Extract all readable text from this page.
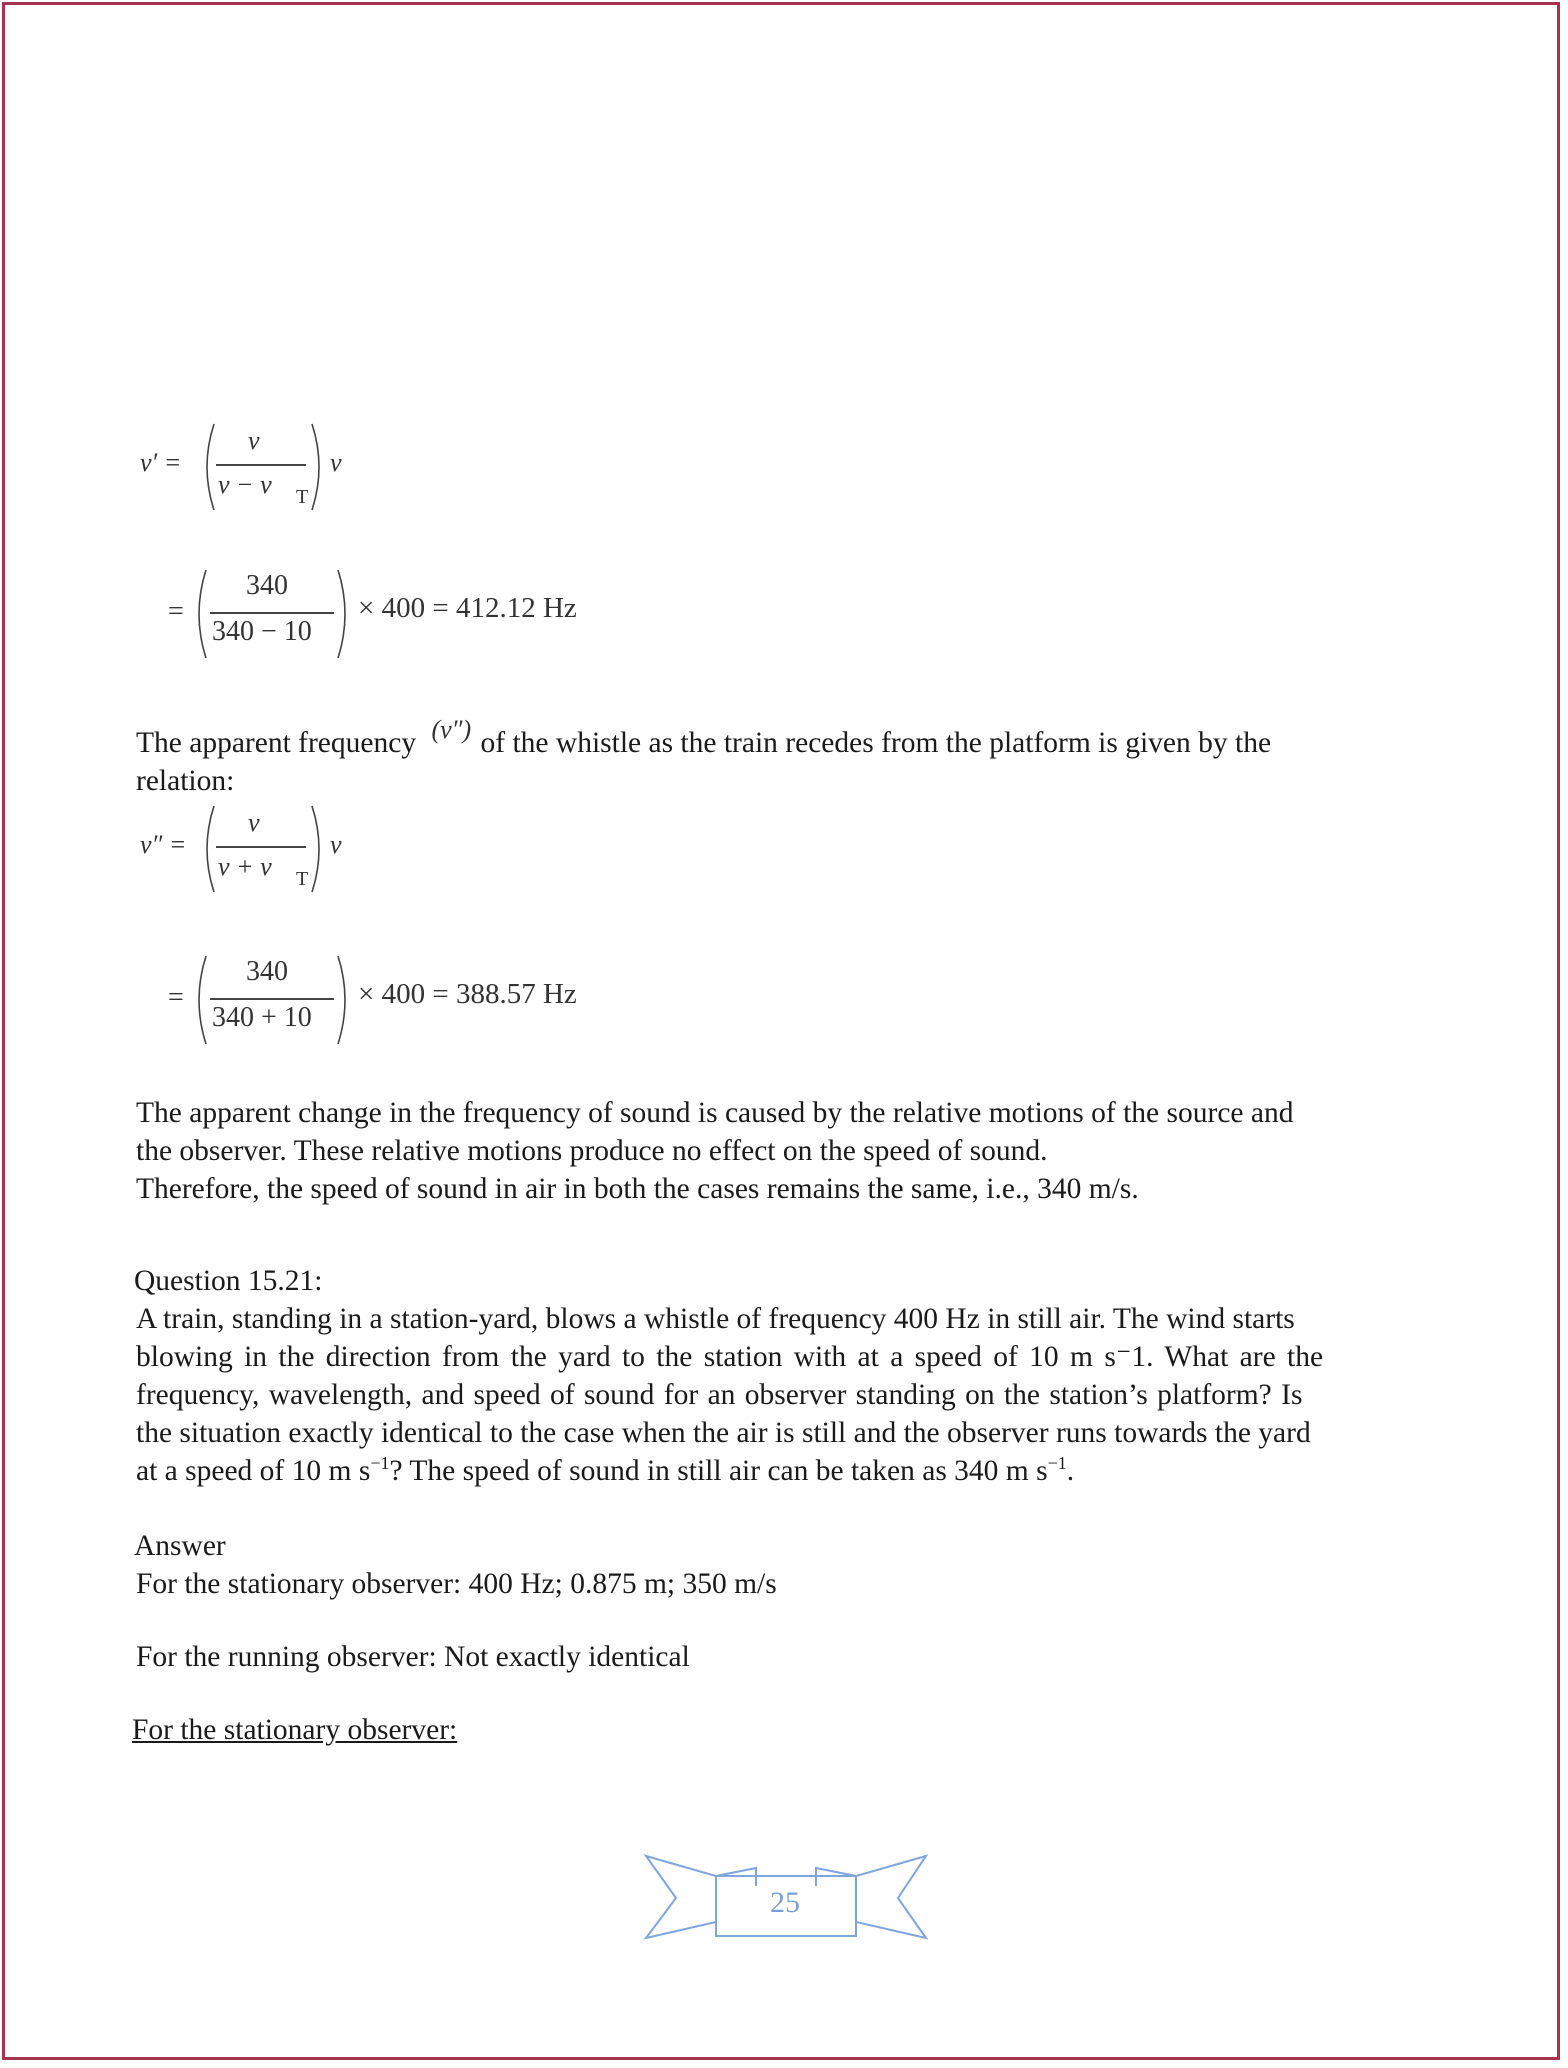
ν′ =
v
v − v T
ν
=
340
340 − 10
× 400 = 412.12 Hz
The apparent frequency (ν″) of the whistle as the train recedes from the platform is given by the
relation:
ν″ =
v
v + v T
ν
=
340
340 + 10
× 400 = 388.57 Hz
The apparent change in the frequency of sound is caused by the relative motions of the source and
the observer. These relative motions produce no effect on the speed of sound.
Therefore, the speed of sound in air in both the cases remains the same, i.e., 340 m/s.
Question 15.21:
A train, standing in a station-yard, blows a whistle of frequency 400 Hz in still air. The wind starts
blowing in the direction from the yard to the station with at a speed of 10 m s⁻1. What are the
frequency, wavelength, and speed of sound for an observer standing on the station’s platform? Is
the situation exactly identical to the case when the air is still and the observer runs towards the yard
at a speed of 10 m $s^{-1}$? The speed of sound in still air can be taken as 340 m $s^{-1}$.
Answer
For the stationary observer: 400 Hz; 0.875 m; 350 m/s
For the running observer: Not exactly identical
For the stationary observer:
25
